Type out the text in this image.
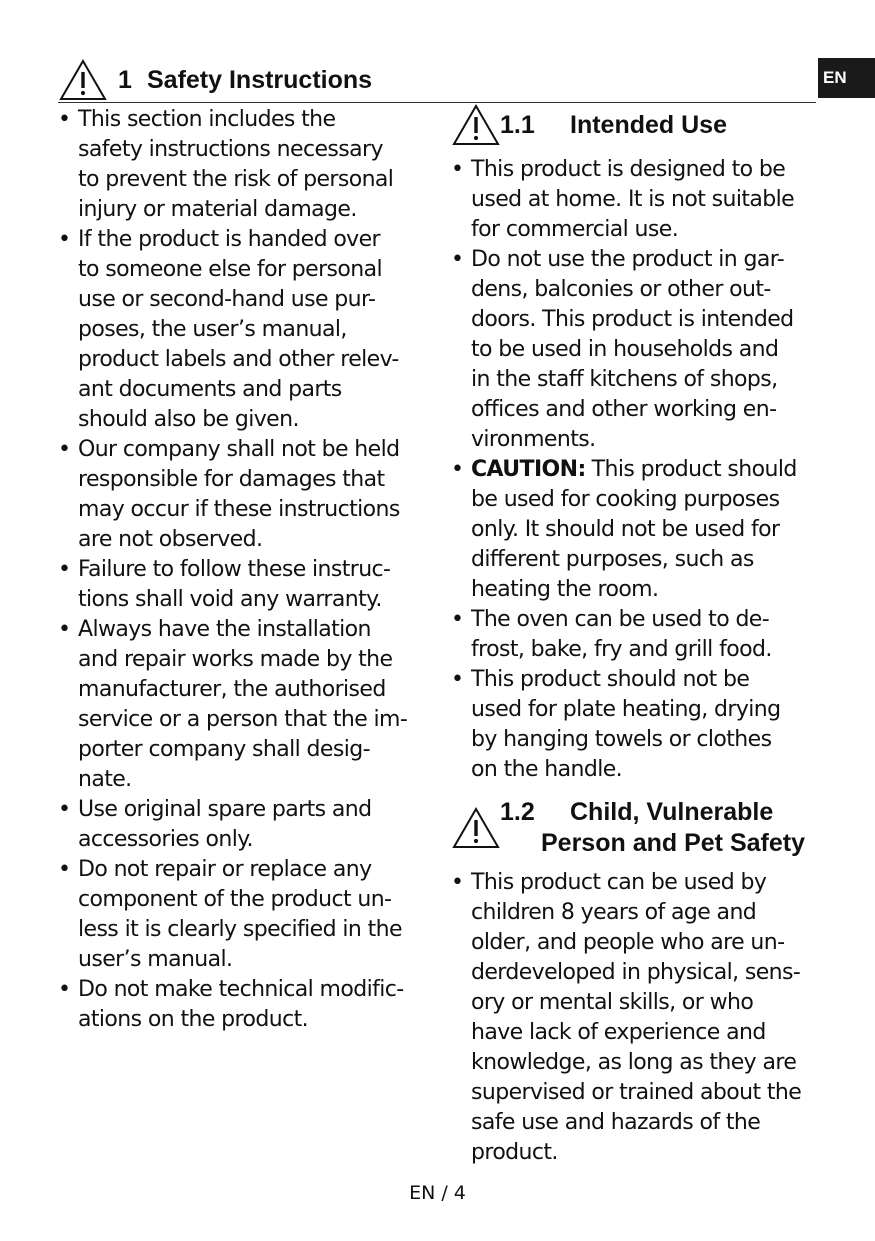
EN
1 Safety Instructions
• This section includes the
safety instructions necessary
to prevent the risk of personal
injury or material damage.
• If the product is handed over
to someone else for personal
use or second-hand use pur-
poses, the user’s manual,
product labels and other relev-
ant documents and parts
should also be given.
• Our company shall not be held
responsible for damages that
may occur if these instructions
are not observed.
• Failure to follow these instruc-
tions shall void any warranty.
• Always have the installation
and repair works made by the
manufacturer, the authorised
service or a person that the im-
porter company shall desig-
nate.
• Use original spare parts and
accessories only.
• Do not repair or replace any
component of the product un-
less it is clearly specified in the
user’s manual.
• Do not make technical modific-
ations on the product.
1.1 Intended Use
• This product is designed to be
used at home. It is not suitable
for commercial use.
• Do not use the product in gar-
dens, balconies or other out-
doors. This product is intended
to be used in households and
in the staff kitchens of shops,
offices and other working en-
vironments.
• CAUTION: This product should
be used for cooking purposes
only. It should not be used for
different purposes, such as
heating the room.
• The oven can be used to de-
frost, bake, fry and grill food.
• This product should not be
used for plate heating, drying
by hanging towels or clothes
on the handle.
1.2 Child, Vulnerable
Person and Pet Safety
• This product can be used by
children 8 years of age and
older, and people who are un-
derdeveloped in physical, sens-
ory or mental skills, or who
have lack of experience and
knowledge, as long as they are
supervised or trained about the
safe use and hazards of the
product.
EN / 4
